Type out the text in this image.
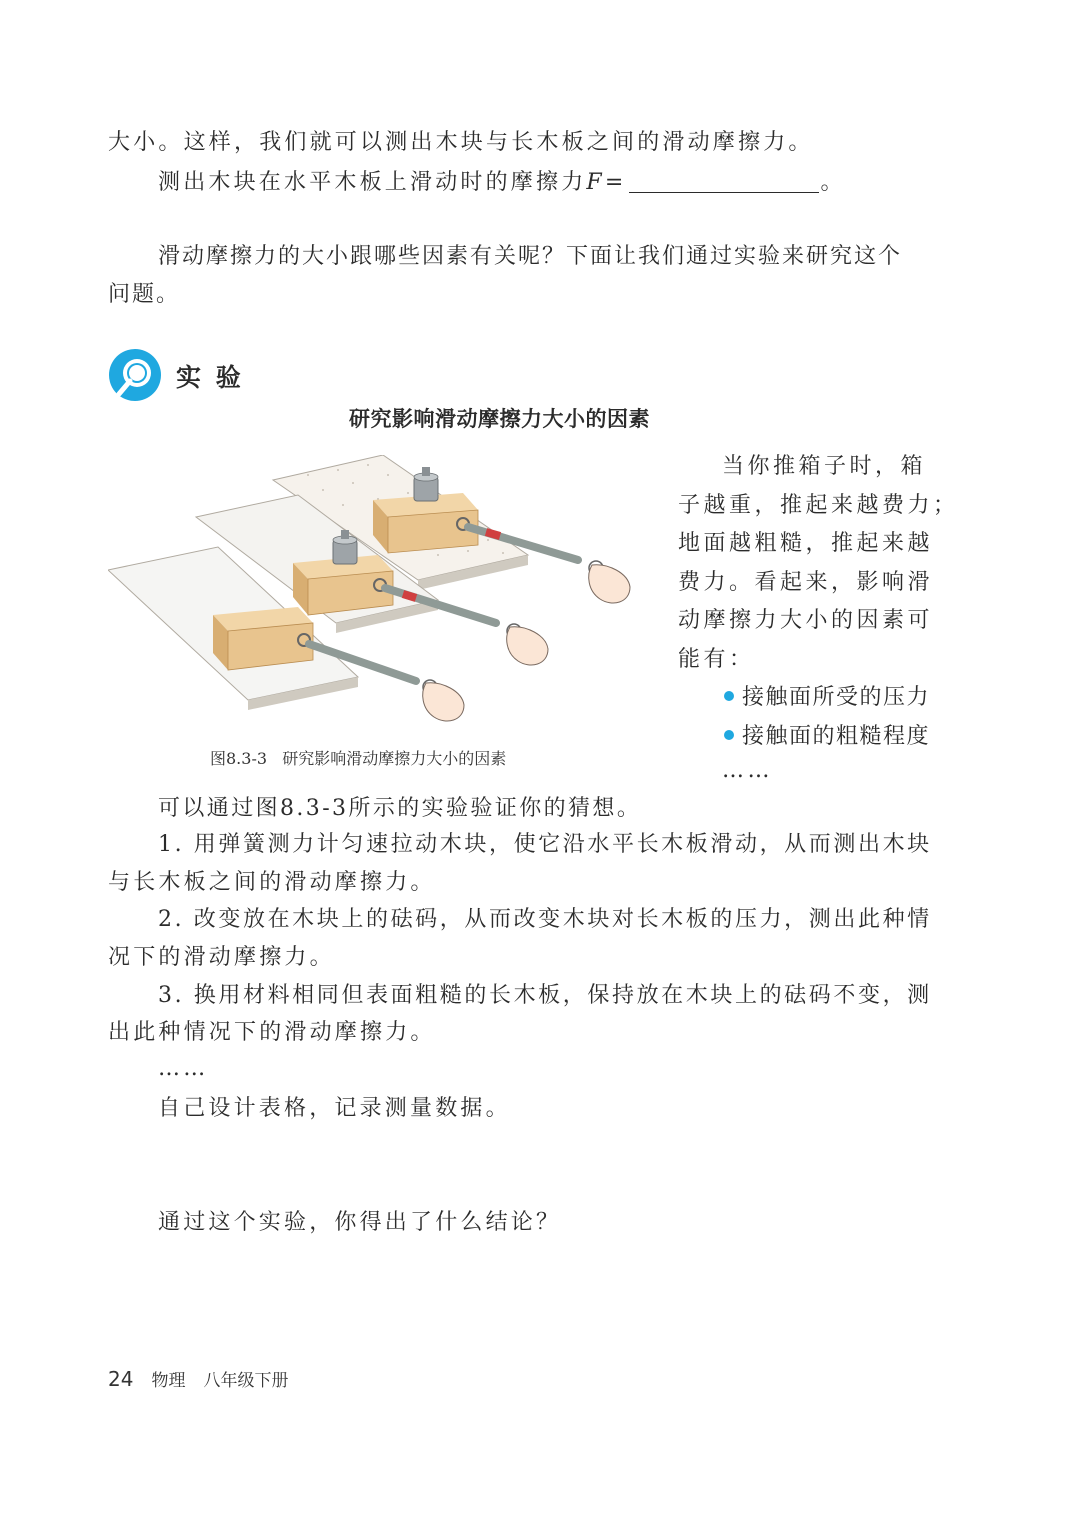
大小。这样，我们就可以测出木块与长木板之间的滑动摩擦力。
测出木块在水平木板上滑动时的摩擦力F=	。
滑动摩擦力的大小跟哪些因素有关呢？下面让我们通过实验来研究这个
问题。
实 验
研究影响滑动摩擦力大小的因素
图8.3-3   研究影响滑动摩擦力大小的因素
当你推箱子时，箱
子越重，推起来越费力；
地面越粗糙，推起来越
费力。看起来，影响滑
动摩擦力大小的因素可
能有：
接触面所受的压力
接触面的粗糙程度
……
可以通过图8.3-3所示的实验验证你的猜想。
1. 用弹簧测力计匀速拉动木块，使它沿水平长木板滑动，从而测出木块
与长木板之间的滑动摩擦力。
2. 改变放在木块上的砝码，从而改变木块对长木板的压力，测出此种情
况下的滑动摩擦力。
3. 换用材料相同但表面粗糙的长木板，保持放在木块上的砝码不变，测
出此种情况下的滑动摩擦力。
……
自己设计表格，记录测量数据。
通过这个实验，你得出了什么结论？
24 物理 八年级下册
